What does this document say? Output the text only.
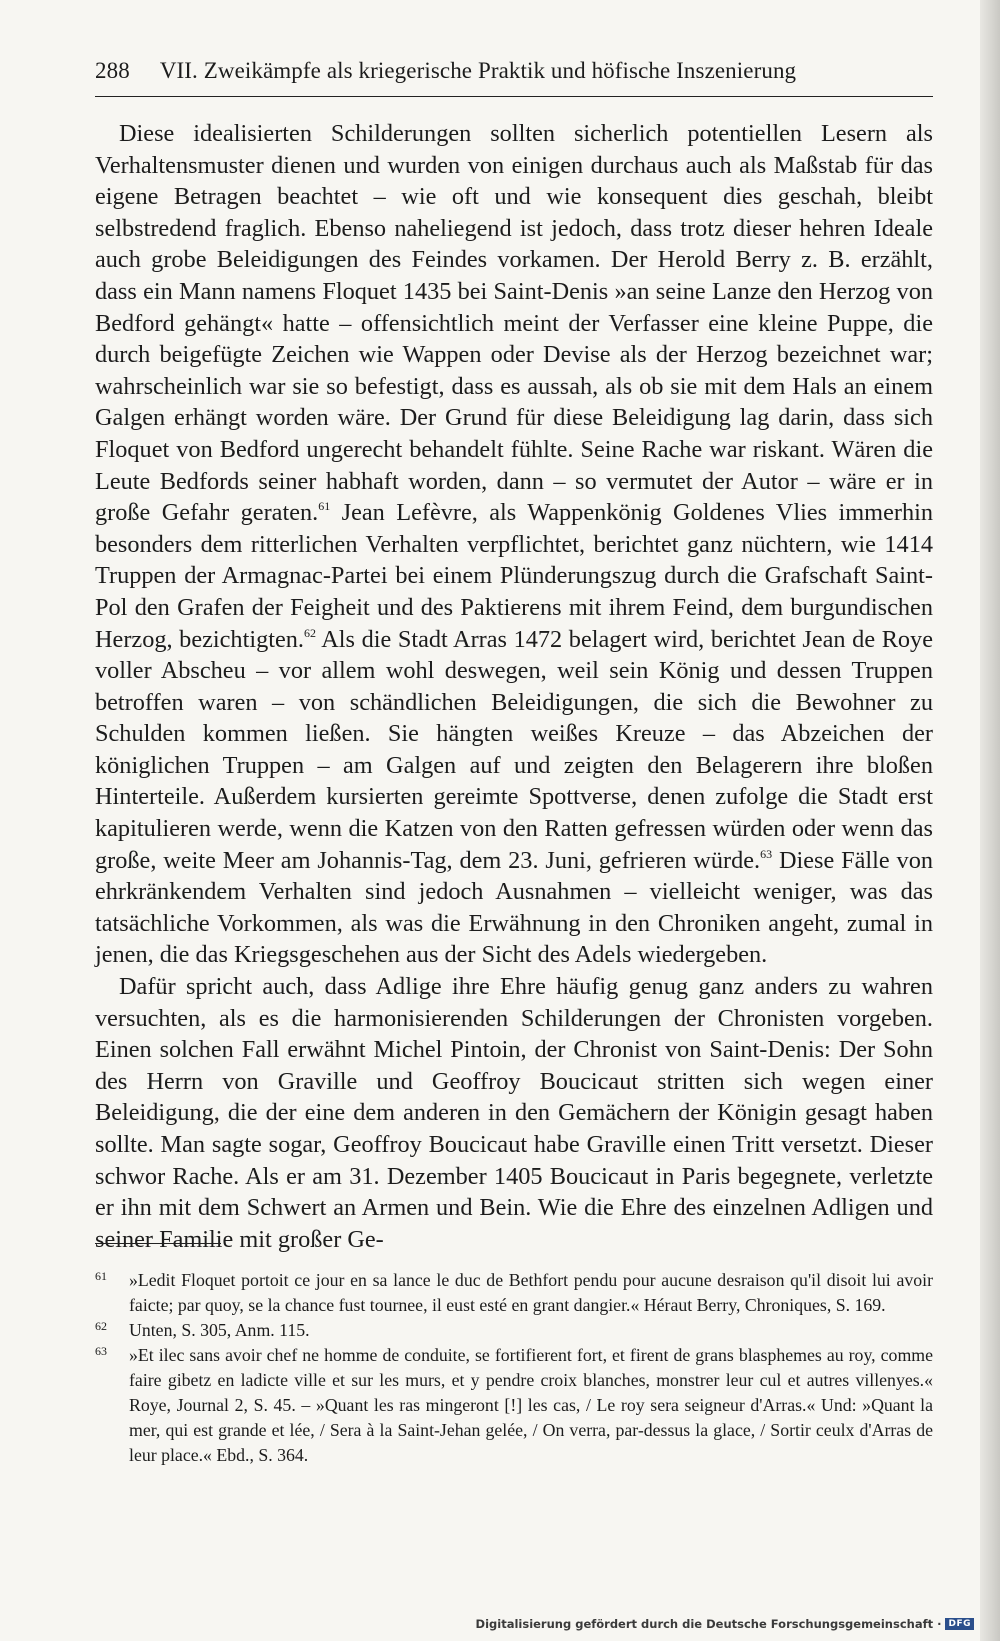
288 VII. Zweikämpfe als kriegerische Praktik und höfische Inszenierung

Diese idealisierten Schilderungen sollten sicherlich potentiellen Lesern als Verhaltensmuster dienen und wurden von einigen durchaus auch als Maßstab für das eigene Betragen beachtet – wie oft und wie konsequent dies geschah, bleibt selbstredend fraglich. Ebenso naheliegend ist jedoch, dass trotz dieser hehren Ideale auch grobe Beleidigungen des Feindes vorkamen. Der Herold Berry z. B. erzählt, dass ein Mann namens Floquet 1435 bei Saint-Denis »an seine Lanze den Herzog von Bedford gehängt« hatte – offensichtlich meint der Verfasser eine kleine Puppe, die durch beigefügte Zeichen wie Wappen oder Devise als der Herzog bezeichnet war; wahrscheinlich war sie so befestigt, dass es aussah, als ob sie mit dem Hals an einem Galgen erhängt worden wäre. Der Grund für diese Beleidigung lag darin, dass sich Floquet von Bedford ungerecht behandelt fühlte. Seine Rache war riskant. Wären die Leute Bedfords seiner habhaft worden, dann – so vermutet der Autor – wäre er in große Gefahr geraten.$^{61}$ Jean Lefèvre, als Wappenkönig Goldenes Vlies immerhin besonders dem ritterlichen Verhalten verpflichtet, berichtet ganz nüchtern, wie 1414 Truppen der Armagnac-Partei bei einem Plünderungszug durch die Grafschaft Saint-Pol den Grafen der Feigheit und des Paktierens mit ihrem Feind, dem burgundischen Herzog, bezichtigten.$^{62}$ Als die Stadt Arras 1472 belagert wird, berichtet Jean de Roye voller Abscheu – vor allem wohl deswegen, weil sein König und dessen Truppen betroffen waren – von schändlichen Beleidigungen, die sich die Bewohner zu Schulden kommen ließen. Sie hängten weißes Kreuze – das Abzeichen der königlichen Truppen – am Galgen auf und zeigten den Belagerern ihre bloßen Hinterteile. Außerdem kursierten gereimte Spottverse, denen zufolge die Stadt erst kapitulieren werde, wenn die Katzen von den Ratten gefressen würden oder wenn das große, weite Meer am Johannis-Tag, dem 23. Juni, gefrieren würde.$^{63}$ Diese Fälle von ehrkränkendem Verhalten sind jedoch Ausnahmen – vielleicht weniger, was das tatsächliche Vorkommen, als was die Erwähnung in den Chroniken angeht, zumal in jenen, die das Kriegsgeschehen aus der Sicht des Adels wiedergeben.

Dafür spricht auch, dass Adlige ihre Ehre häufig genug ganz anders zu wahren versuchten, als es die harmonisierenden Schilderungen der Chronisten vorgeben. Einen solchen Fall erwähnt Michel Pintoin, der Chronist von Saint-Denis: Der Sohn des Herrn von Graville und Geoffroy Boucicaut stritten sich wegen einer Beleidigung, die der eine dem anderen in den Gemächern der Königin gesagt haben sollte. Man sagte sogar, Geoffroy Boucicaut habe Graville einen Tritt versetzt. Dieser schwor Rache. Als er am 31. Dezember 1405 Boucicaut in Paris begegnete, verletzte er ihn mit dem Schwert an Armen und Bein. Wie die Ehre des einzelnen Adligen und seiner Familie mit großer Ge-

61 »Ledit Floquet portoit ce jour en sa lance le duc de Bethfort pendu pour aucune desraison qu'il disoit lui avoir faicte; par quoy, se la chance fust tournee, il eust esté en grant dangier.« Héraut Berry, Chroniques, S. 169.
62 Unten, S. 305, Anm. 115.
63 »Et ilec sans avoir chef ne homme de conduite, se fortifierent fort, et firent de grans blasphemes au roy, comme faire gibetz en ladicte ville et sur les murs, et y pendre croix blanches, monstrer leur cul et autres villenyes.« Roye, Journal 2, S. 45. – »Quant les ras mingeront [!] les cas, / Le roy sera seigneur d'Arras.« Und: »Quant la mer, qui est grande et lée, / Sera à la Saint-Jehan gelée, / On verra, par-dessus la glace, / Sortir ceulx d'Arras de leur place.« Ebd., S. 364.
Digitalisierung gefördert durch die Deutsche Forschungsgemeinschaft · DFG
